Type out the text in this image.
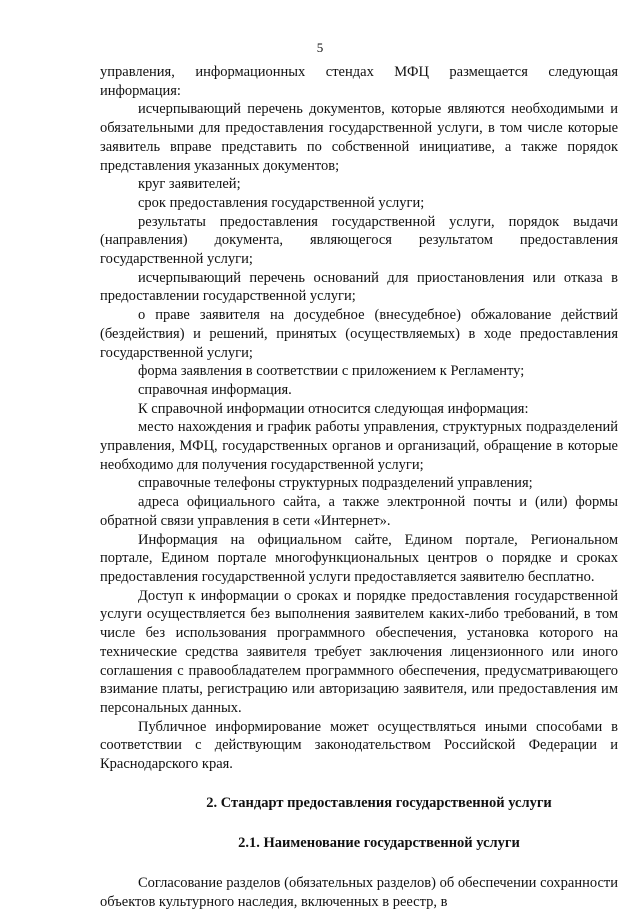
5

управления, информационных стендах МФЦ размещается следующая информация:

исчерпывающий перечень документов, которые являются необходимыми и обязательными для предоставления государственной услуги, в том числе которые заявитель вправе представить по собственной инициативе, а также порядок представления указанных документов;

круг заявителей;

срок предоставления государственной услуги;

результаты предоставления государственной услуги, порядок выдачи (направления) документа, являющегося результатом предоставления государственной услуги;

исчерпывающий перечень оснований для приостановления или отказа в предоставлении государственной услуги;

о праве заявителя на досудебное (внесудебное) обжалование действий (бездействия) и решений, принятых (осуществляемых) в ходе предоставления государственной услуги;

форма заявления в соответствии с приложением к Регламенту;

справочная информация.

К справочной информации относится следующая информация:

место нахождения и график работы управления, структурных подразделений управления, МФЦ, государственных органов и организаций, обращение в которые необходимо для получения государственной услуги;

справочные телефоны структурных подразделений управления;

адреса официального сайта, а также электронной почты и (или) формы обратной связи управления в сети «Интернет».

Информация на официальном сайте, Едином портале, Региональном портале, Едином портале многофункциональных центров о порядке и сроках предоставления государственной услуги предоставляется заявителю бесплатно.

Доступ к информации о сроках и порядке предоставления государственной услуги осуществляется без выполнения заявителем каких-либо требований, в том числе без использования программного обеспечения, установка которого на технические средства заявителя требует заключения лицензионного или иного соглашения с правообладателем программного обеспечения, предусматривающего взимание платы, регистрацию или авторизацию заявителя, или предоставления им персональных данных.

Публичное информирование может осуществляться иными способами в соответствии с действующим законодательством Российской Федерации и Краснодарского края.

2. Стандарт предоставления государственной услуги

2.1. Наименование государственной услуги

Согласование разделов (обязательных разделов) об обеспечении сохранности объектов культурного наследия, включенных в реестр, в
